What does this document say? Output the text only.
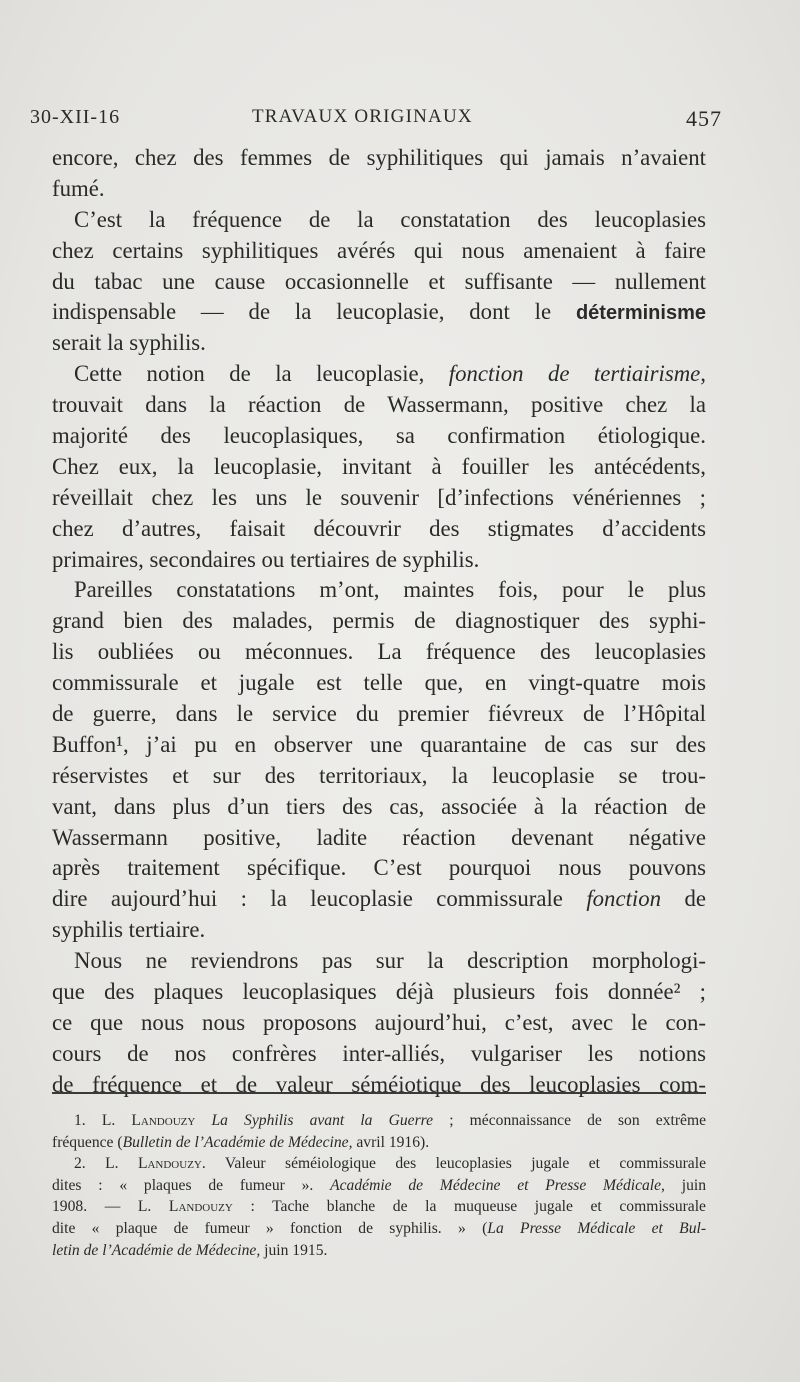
30-XII-16	TRAVAUX ORIGINAUX	457
encore, chez des femmes de syphilitiques qui jamais n’avaient
fumé.
C’est la fréquence de la constatation des leucoplasies
chez certains syphilitiques avérés qui nous amenaient à faire
du tabac une cause occasionnelle et suffisante — nullement
indispensable — de la leucoplasie, dont le déterminisme
serait la syphilis.
Cette notion de la leucoplasie, fonction de tertiairisme,
trouvait dans la réaction de Wassermann, positive chez la
majorité des leucoplasiques, sa confirmation étiologique.
Chez eux, la leucoplasie, invitant à fouiller les antécédents,
réveillait chez les uns le souvenir [d’infections vénériennes ;
chez d’autres, faisait découvrir des stigmates d’accidents
primaires, secondaires ou tertiaires de syphilis.
Pareilles constatations m’ont, maintes fois, pour le plus
grand bien des malades, permis de diagnostiquer des syphi-
lis oubliées ou méconnues. La fréquence des leucoplasies
commissurale et jugale est telle que, en vingt-quatre mois
de guerre, dans le service du premier fiévreux de l’Hôpital
Buffon¹, j’ai pu en observer une quarantaine de cas sur des
réservistes et sur des territoriaux, la leucoplasie se trou-
vant, dans plus d’un tiers des cas, associée à la réaction de
Wassermann positive, ladite réaction devenant négative
après traitement spécifique. C’est pourquoi nous pouvons
dire aujourd’hui : la leucoplasie commissurale fonction de
syphilis tertiaire.
Nous ne reviendrons pas sur la description morphologi-
que des plaques leucoplasiques déjà plusieurs fois donnée² ;
ce que nous nous proposons aujourd’hui, c’est, avec le con-
cours de nos confrères inter-alliés, vulgariser les notions
de fréquence et de valeur séméiotique des leucoplasies com-
1. L. Landouzy La Syphilis avant la Guerre ; méconnaissance de son extrême
fréquence (Bulletin de l’Académie de Médecine, avril 1916).
2. L. Landouzy. Valeur séméiologique des leucoplasies jugale et commissurale
dites : « plaques de fumeur ». Académie de Médecine et Presse Médicale, juin
1908. — L. Landouzy : Tache blanche de la muqueuse jugale et commissurale
dite « plaque de fumeur » fonction de syphilis. » (La Presse Médicale et Bul-
letin de l’Académie de Médecine, juin 1915.
